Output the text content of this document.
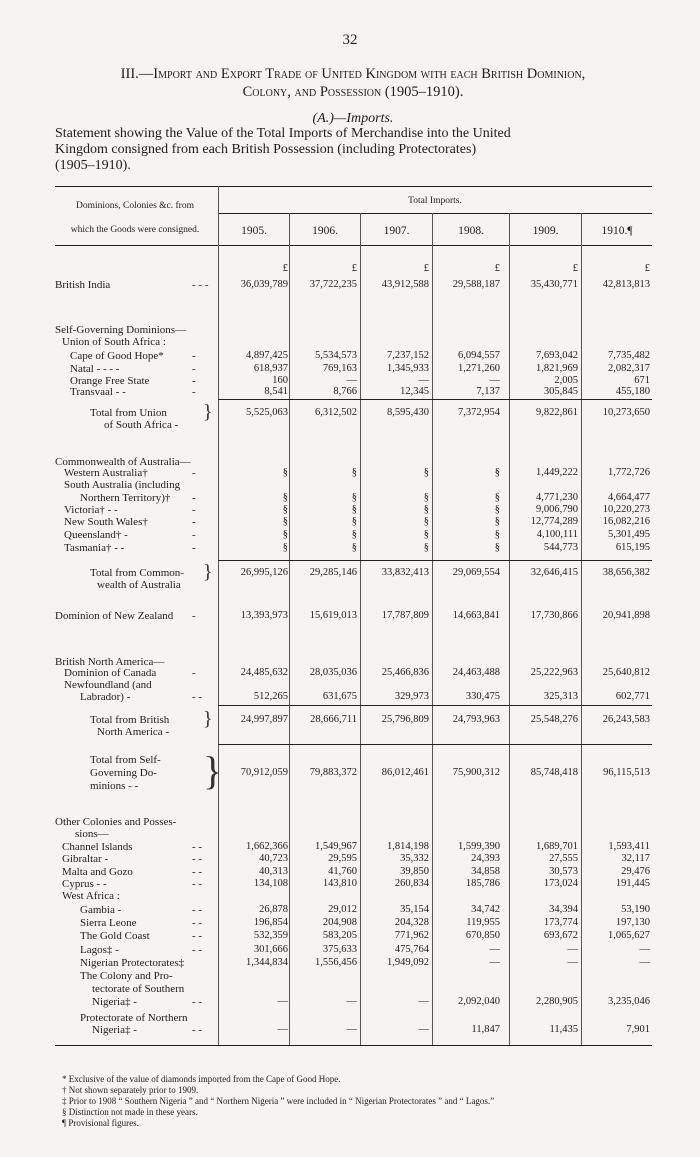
32
III.—Import and Export Trade of United Kingdom with each British Dominion,
Colony, and Possession (1905–1910).
(A.)—Imports.
Statement showing the Value of the Total Imports of Merchandise into the United
Kingdom consigned from each British Possession (including Protectorates)
(1905–1910).
Dominions, Colonies &c. from
which the Goods were consigned.
Total Imports.
1905.	1906.	1907.	1908.	1909.	1910.¶
£	£	£	£	£	£
British India	- - -	36,039,789	37,722,235	43,912,588	29,588,187	35,430,771	42,813,813
Self-Governing Dominions—
Union of South Africa :
Cape of Good Hope*	-	4,897,425	5,534,573	7,237,152	6,094,557	7,693,042	7,735,482
Natal - - - -	-	618,937	769,163	1,345,933	1,271,260	1,821,969	2,082,317
Orange Free State	-	160	—	—	—	2,005	671
Transvaal - -	-	8,541	8,766	12,345	7,137	305,845	455,180
Total from Union	5,525,063	6,312,502	8,595,430	7,372,954	9,822,861	10,273,650
of South Africa -
Commonwealth of Australia—
Western Australia†	-	§	§	§	§	1,449,222	1,772,726
South Australia (including
Northern Territory)† -	§	§	§	§	4,771,230	4,664,477
Victoria† - -	-	§	§	§	§	9,006,790	10,220,273
New South Wales†	-	§	§	§	§	12,774,289	16,082,216
Queensland† -	-	§	§	§	§	4,100,111	5,301,495
Tasmania† - -	-	§	§	§	§	544,773	615,195
Total from Common-	26,995,126	29,285,146	33,832,413	29,069,554	32,646,415	38,656,382
wealth of Australia
Dominion of New Zealand -	13,393,973	15,619,013	17,787,809	14,663,841	17,730,866	20,941,898
British North America—
Dominion of Canada	-	24,485,632	28,035,036	25,466,836	24,463,488	25,222,963	25,640,812
Newfoundland (and
Labrador) -	- -	512,265	631,675	329,973	330,475	325,313	602,771
Total from British	24,997,897	28,666,711	25,796,809	24,793,963	25,548,276	26,243,583
North America -
Total from Self-
Governing Do-	70,912,059	79,883,372	86,012,461	75,900,312	85,748,418	96,115,513
minions - -
Other Colonies and Posses-
sions—
Channel Islands	- -	1,662,366	1,549,967	1,814,198	1,599,390	1,689,701	1,593,411
Gibraltar -	- -	40,723	29,595	35,332	24,393	27,555	32,117
Malta and Gozo	- -	40,313	41,760	39,850	34,858	30,573	29,476
Cyprus - -	- -	134,108	143,810	260,834	185,786	173,024	191,445
West Africa :
Gambia -	- -	26,878	29,012	35,154	34,742	34,394	53,190
Sierra Leone	- -	196,854	204,908	204,328	119,955	173,774	197,130
The Gold Coast	- -	532,359	583,205	771,962	670,850	693,672	1,065,627
Lagos‡ -	- -	301,666	375,633	475,764	—	—	—
Nigerian Protectorates‡	1,344,834	1,556,456	1,949,092	—	—	—
The Colony and Pro-
tectorate of Southern
Nigeria‡ -	- -	—	—	—	2,092,040	2,280,905	3,235,046
Protectorate of Northern
Nigeria‡ -	- -	—	—	—	11,847	11,435	7,901
}
}
}
}
* Exclusive of the value of diamonds imported from the Cape of Good Hope.
† Not shown separately prior to 1909.
‡ Prior to 1908 “ Southern Nigeria ” and “ Northern Nigeria ” were included in “ Nigerian Protectorates ” and “ Lagos.”
§ Distinction not made in these years.
¶ Provisional figures.
